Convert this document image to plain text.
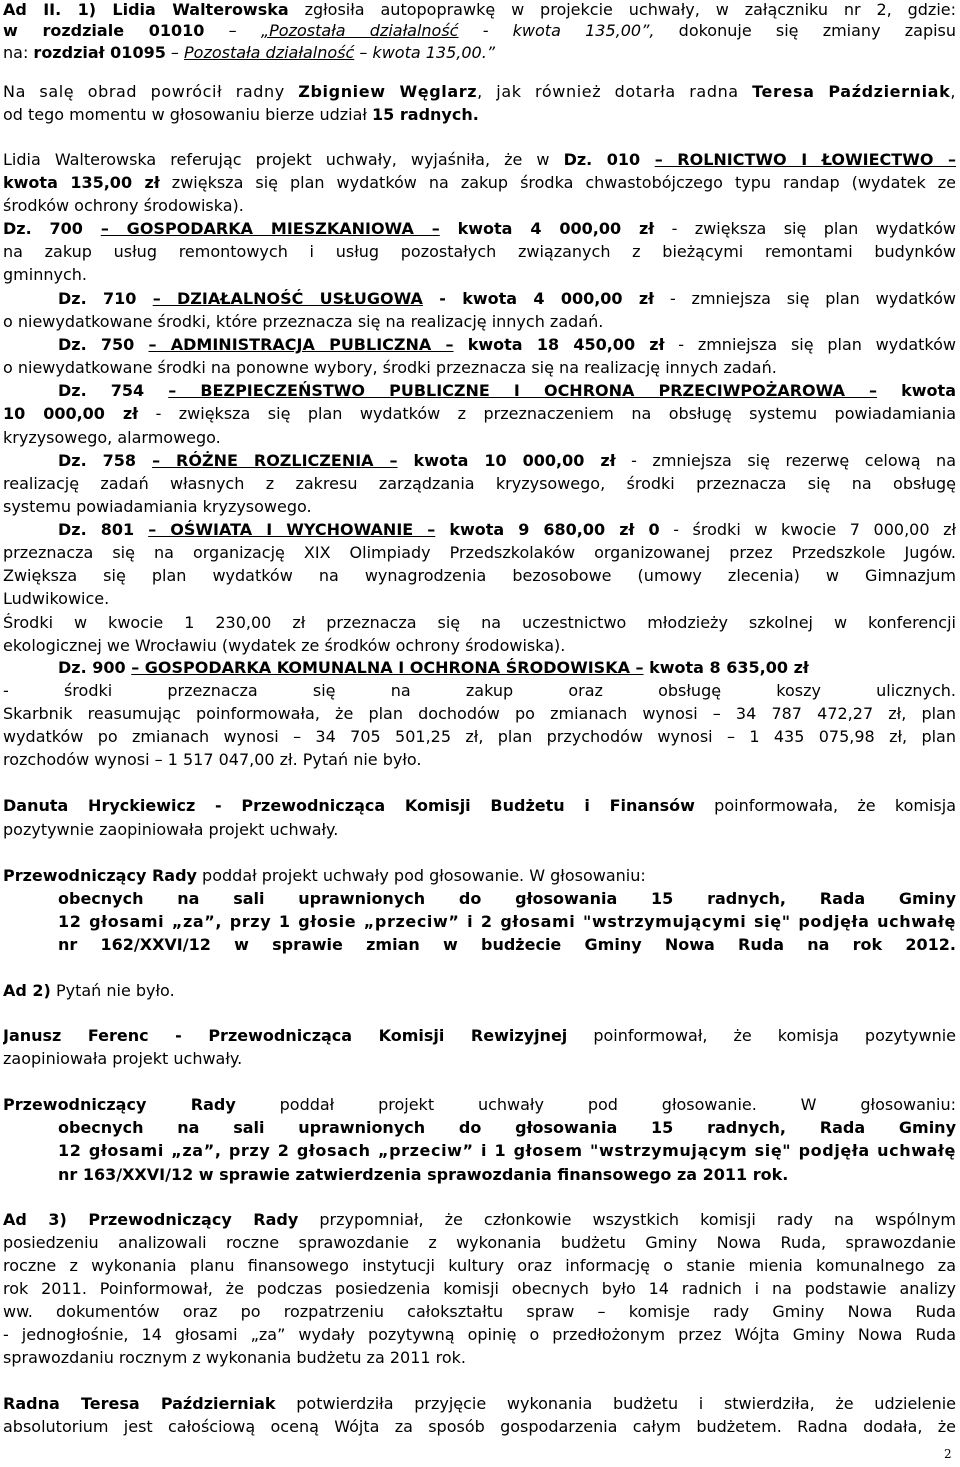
Ad II. 1) Lidia Walterowska zgłosiła autopoprawkę w projekcie uchwały, w załączniku nr 2, gdzie:
w rozdziale 01010 – „Pozostała działalność - kwota 135,00”, dokonuje się zmiany zapisu
na: rozdział 01095 – Pozostała działalność – kwota 135,00.”
Na salę obrad powrócił radny Zbigniew Węglarz, jak również dotarła radna Teresa Październiak,
od tego momentu w głosowaniu bierze udział 15 radnych.
Lidia Walterowska referując projekt uchwały, wyjaśniła, że w Dz. 010 – ROLNICTWO I ŁOWIECTWO –
kwota 135,00 zł zwiększa się plan wydatków na zakup środka chwastobójczego typu randap (wydatek ze
środków ochrony środowiska).
Dz. 700 – GOSPODARKA MIESZKANIOWA – kwota 4 000,00 zł - zwiększa się plan wydatków
na zakup usług remontowych i usług pozostałych związanych z bieżącymi remontami budynków
gminnych.
Dz. 710 – DZIAŁALNOŚĆ USŁUGOWA - kwota 4 000,00 zł - zmniejsza się plan wydatków
o niewydatkowane środki, które przeznacza się na realizację innych zadań.
Dz. 750 – ADMINISTRACJA PUBLICZNA – kwota 18 450,00 zł - zmniejsza się plan wydatków
o niewydatkowane środki na ponowne wybory, środki przeznacza się na realizację innych zadań.
Dz. 754 – BEZPIECZEŃSTWO PUBLICZNE I OCHRONA PRZECIWPOŻAROWA – kwota
10 000,00 zł - zwiększa się plan wydatków z przeznaczeniem na obsługę systemu powiadamiania
kryzysowego, alarmowego.
Dz. 758 – RÓŻNE ROZLICZENIA – kwota 10 000,00 zł - zmniejsza się rezerwę celową na
realizację zadań własnych z zakresu zarządzania kryzysowego, środki przeznacza się na obsługę
systemu powiadamiania kryzysowego.
Dz. 801 – OŚWIATA I WYCHOWANIE – kwota 9 680,00 zł 0 - środki w kwocie 7 000,00 zł
przeznacza się na organizację XIX Olimpiady Przedszkolaków organizowanej przez Przedszkole Jugów.
Zwiększa się plan wydatków na wynagrodzenia bezosobowe (umowy zlecenia) w Gimnazjum
Ludwikowice.
Środki w kwocie 1 230,00 zł przeznacza się na uczestnictwo młodzieży szkolnej w konferencji
ekologicznej we Wrocławiu (wydatek ze środków ochrony środowiska).
Dz. 900 – GOSPODARKA KOMUNALNA I OCHRONA ŚRODOWISKA – kwota 8 635,00 zł
- środki przeznacza się na zakup oraz obsługę koszy ulicznych.
Skarbnik reasumując poinformowała, że plan dochodów po zmianach wynosi – 34 787 472,27 zł, plan
wydatków po zmianach wynosi – 34 705 501,25 zł, plan przychodów wynosi – 1 435 075,98 zł, plan
rozchodów wynosi – 1 517 047,00 zł. Pytań nie było.
Danuta Hryckiewicz - Przewodnicząca Komisji Budżetu i Finansów poinformowała, że komisja
pozytywnie zaopiniowała projekt uchwały.
Przewodniczący Rady poddał projekt uchwały pod głosowanie. W głosowaniu:
obecnych na sali uprawnionych do głosowania 15 radnych, Rada Gminy
12 głosami „za”, przy 1 głosie „przeciw” i 2 głosami "wstrzymującymi się" podjęła uchwałę
nr 162/XXVI/12 w sprawie zmian w budżecie Gminy Nowa Ruda na rok 2012.
Ad 2) Pytań nie było.
Janusz Ferenc - Przewodnicząca Komisji Rewizyjnej poinformował, że komisja pozytywnie
zaopiniowała projekt uchwały.
Przewodniczący Rady poddał projekt uchwały pod głosowanie. W głosowaniu:
obecnych na sali uprawnionych do głosowania 15 radnych, Rada Gminy
12 głosami „za”, przy 2 głosach „przeciw” i 1 głosem "wstrzymującym się" podjęła uchwałę
nr 163/XXVI/12 w sprawie zatwierdzenia sprawozdania finansowego za 2011 rok.
Ad 3) Przewodniczący Rady przypomniał, że członkowie wszystkich komisji rady na wspólnym
posiedzeniu analizowali roczne sprawozdanie z wykonania budżetu Gminy Nowa Ruda, sprawozdanie
roczne z wykonania planu finansowego instytucji kultury oraz informację o stanie mienia komunalnego za
rok 2011. Poinformował, że podczas posiedzenia komisji obecnych było 14 radnich i na podstawie analizy
ww. dokumentów oraz po rozpatrzeniu całokształtu spraw – komisje rady Gminy Nowa Ruda
- jednogłośnie, 14 głosami „za” wydały pozytywną opinię o przedłożonym przez Wójta Gminy Nowa Ruda
sprawozdaniu rocznym z wykonania budżetu za 2011 rok.
Radna Teresa Październiak potwierdziła przyjęcie wykonania budżetu i stwierdziła, że udzielenie
absolutorium jest całościową oceną Wójta za sposób gospodarzenia całym budżetem. Radna dodała, że
2
